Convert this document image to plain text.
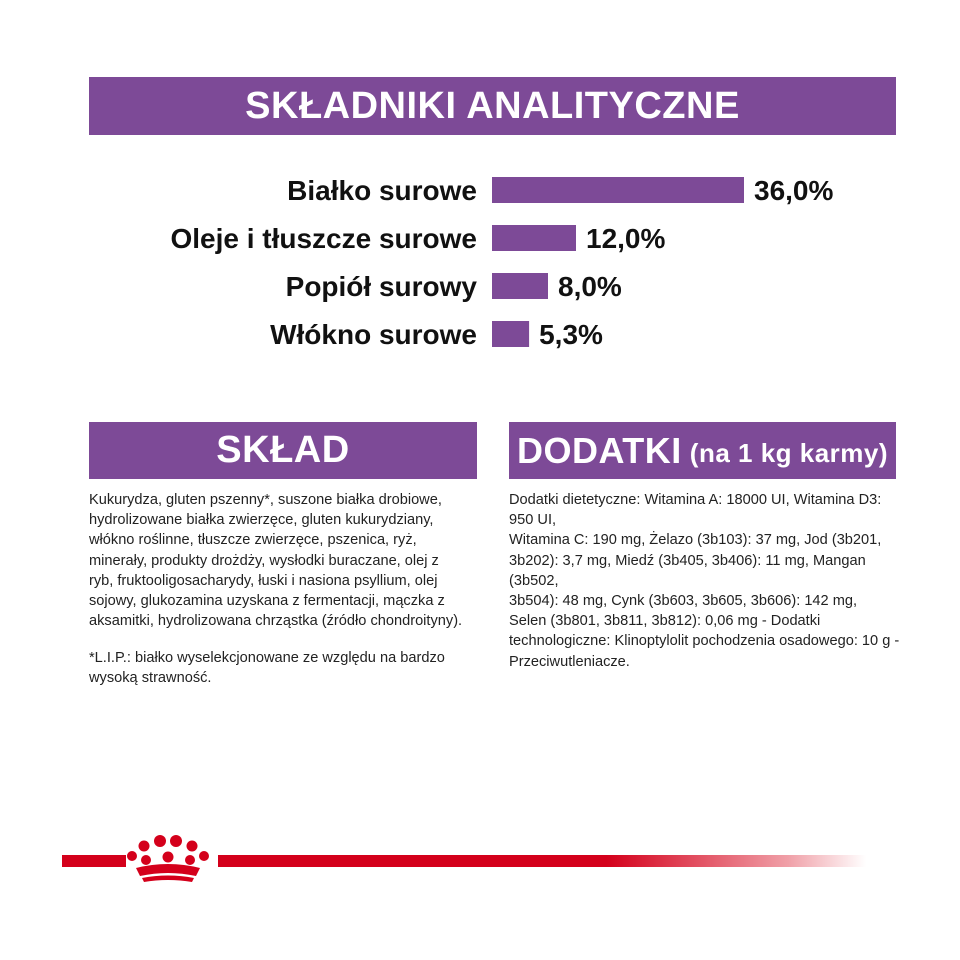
SKŁADNIKI ANALITYCZNE
Białko surowe	36,0%
Oleje i tłuszcze surowe	12,0%
Popiół surowy	8,0%
Włókno surowe 5,3%
SKŁAD	DODATKI (na 1 kg karmy)
Kukurydza, gluten pszenny*, suszone białka drobiowe,
hydrolizowane białka zwierzęce, gluten kukurydziany,
włókno roślinne, tłuszcze zwierzęce, pszenica, ryż,
minerały, produkty drożdży, wysłodki buraczane, olej z
ryb, fruktooligosacharydy, łuski i nasiona psyllium, olej
sojowy, glukozamina uzyskana z fermentacji, mączka z
aksamitki, hydrolizowana chrząstka (źródło chondroityny).
*L.I.P.: białko wyselekcjonowane ze względu na bardzo
wysoką strawność.
Dodatki dietetyczne: Witamina A: 18000 UI, Witamina D3: 950 UI,
Witamina C: 190 mg, Żelazo (3b103): 37 mg, Jod (3b201,
3b202): 3,7 mg, Miedź (3b405, 3b406): 11 mg, Mangan (3b502,
3b504): 48 mg, Cynk (3b603, 3b605, 3b606): 142 mg,
Selen (3b801, 3b811, 3b812): 0,06 mg - Dodatki
technologiczne: Klinoptylolit pochodzenia osadowego: 10 g -
Przeciwutleniacze.
